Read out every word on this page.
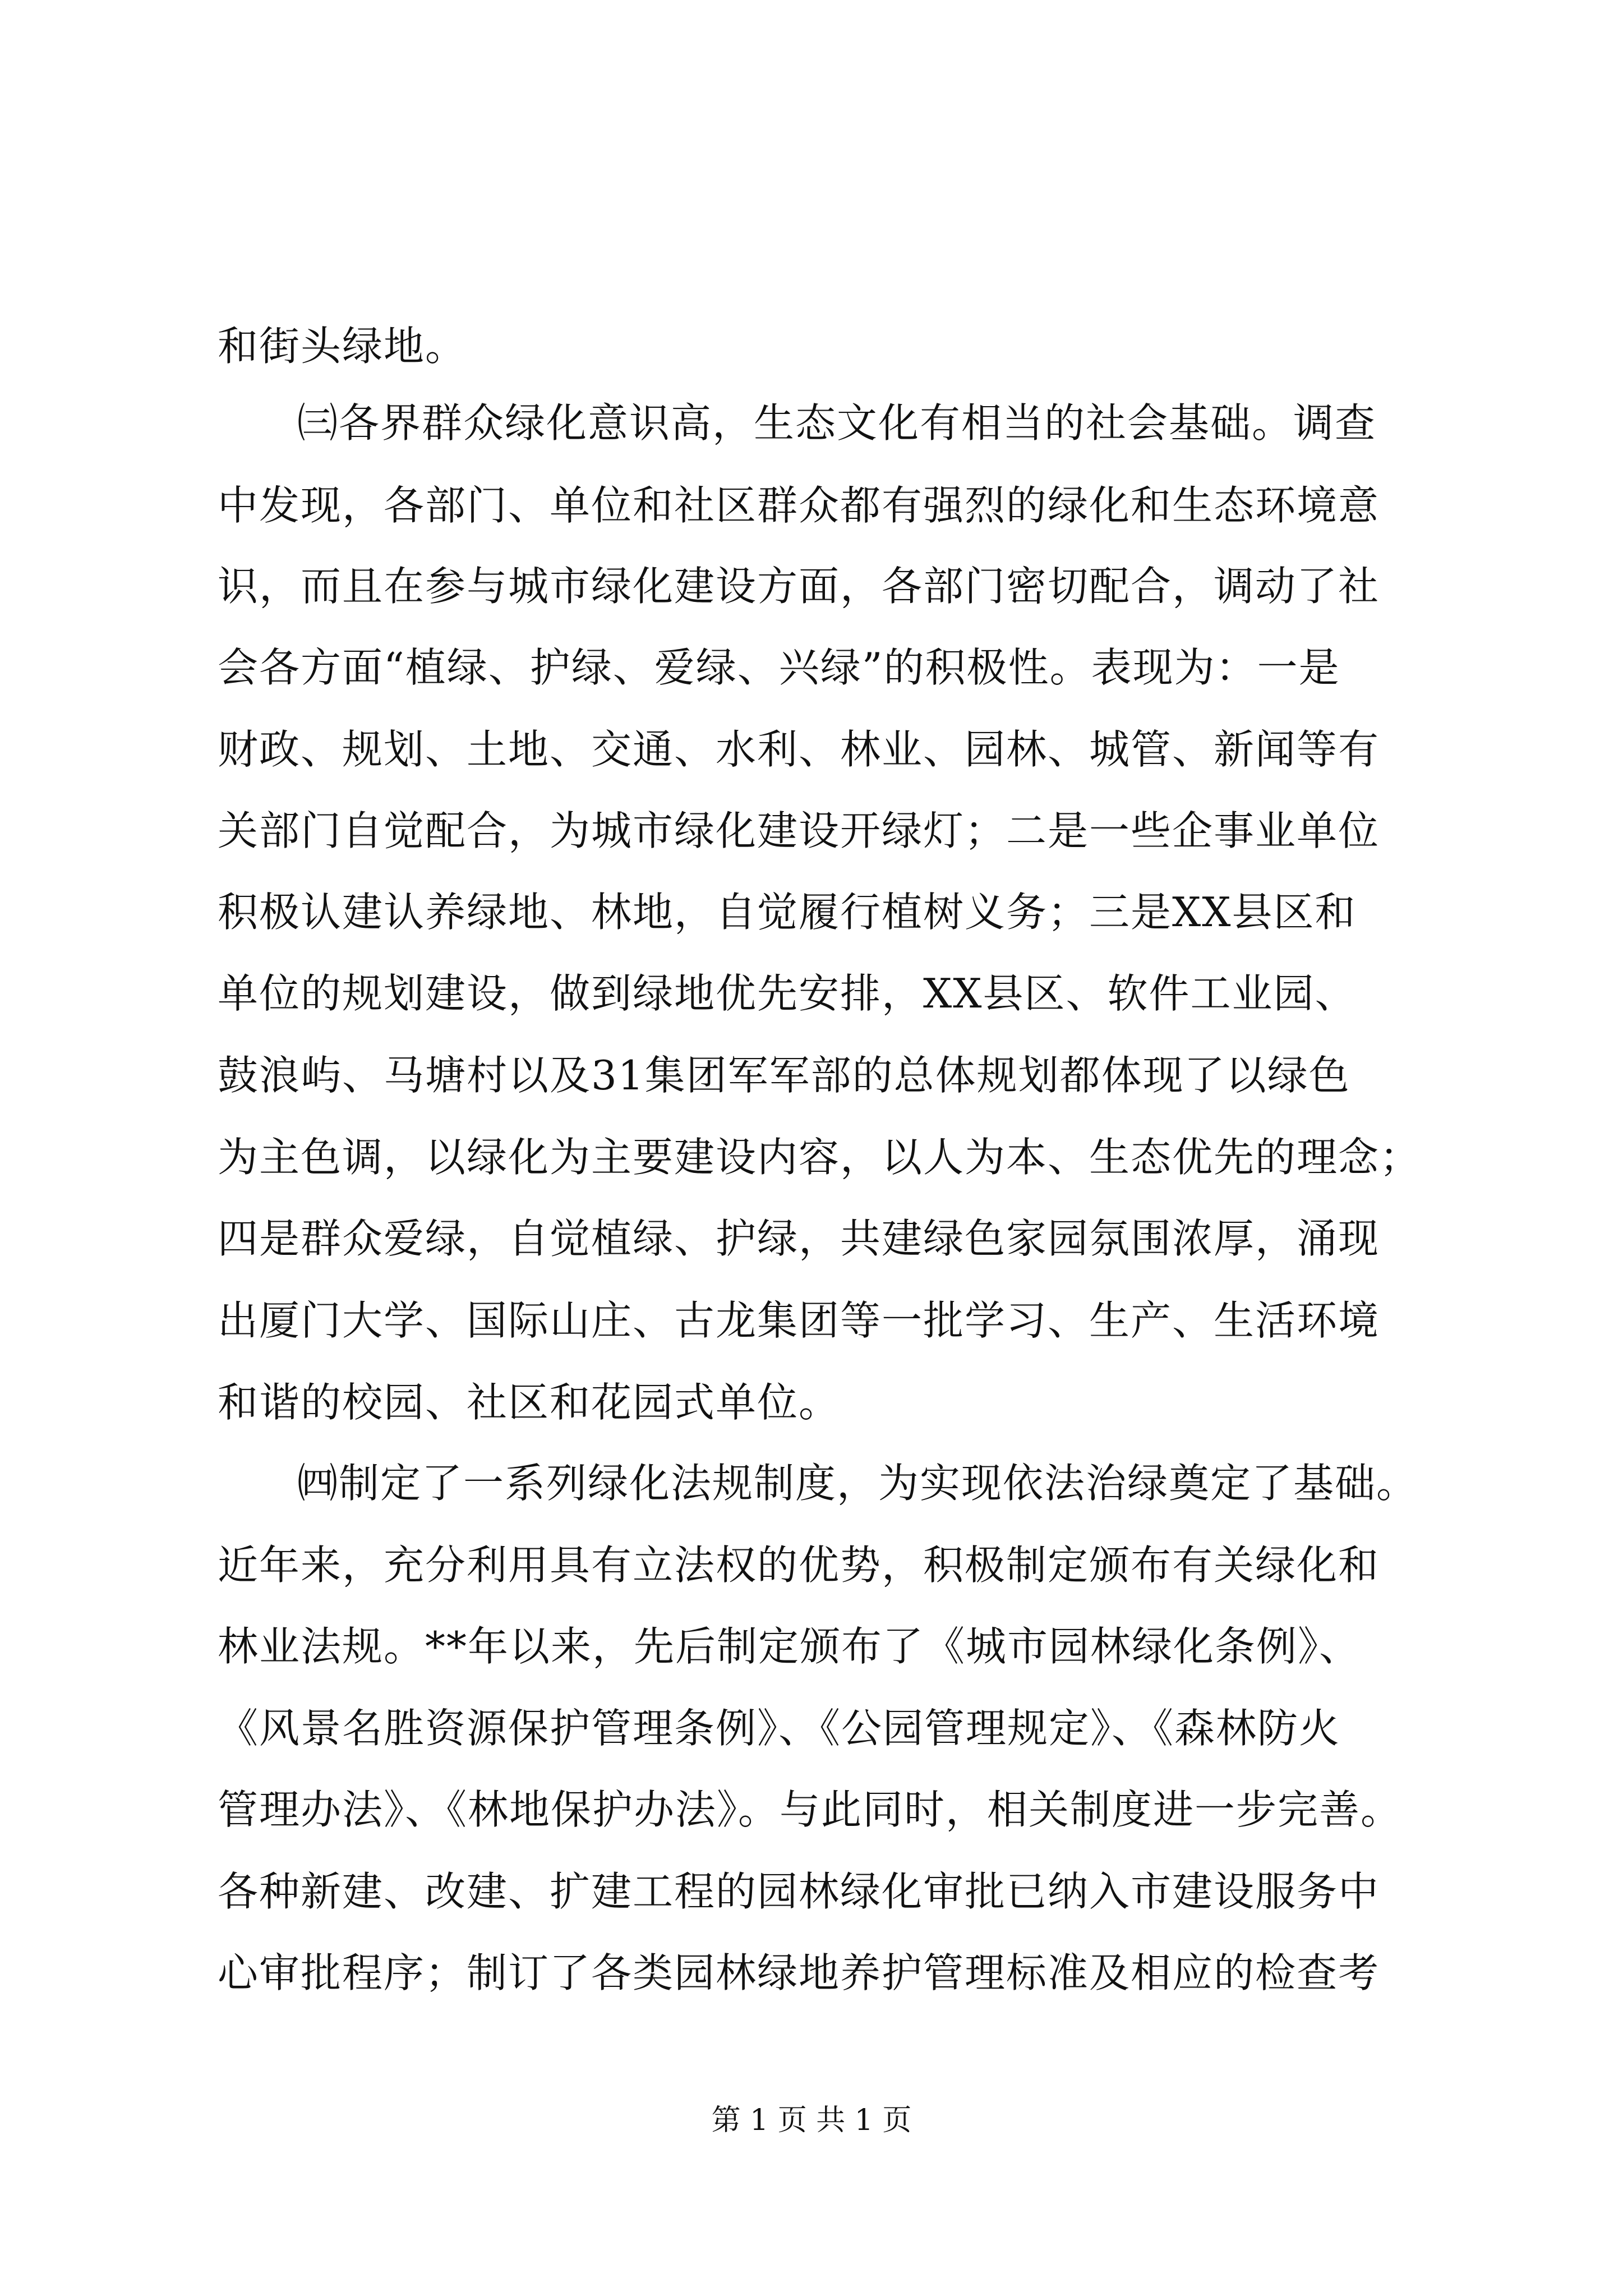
和街头绿地。
㈢各界群众绿化意识高，生态文化有相当的社会基础。调查
中发现，各部门、单位和社区群众都有强烈的绿化和生态环境意
识，而且在参与城市绿化建设方面，各部门密切配合，调动了社
会各方面“植绿、护绿、爱绿、兴绿”的积极性。表现为：一是
财政、规划、土地、交通、水利、林业、园林、城管、新闻等有
关部门自觉配合，为城市绿化建设开绿灯；二是一些企事业单位
积极认建认养绿地、林地，自觉履行植树义务；三是XX县区和
单位的规划建设，做到绿地优先安排，XX县区、软件工业园、
鼓浪屿、马塘村以及31集团军军部的总体规划都体现了以绿色
为主色调，以绿化为主要建设内容，以人为本、生态优先的理念；
四是群众爱绿，自觉植绿、护绿，共建绿色家园氛围浓厚，涌现
出厦门大学、国际山庄、古龙集团等一批学习、生产、生活环境
和谐的校园、社区和花园式单位。
㈣制定了一系列绿化法规制度，为实现依法治绿奠定了基础。
近年来，充分利用具有立法权的优势，积极制定颁布有关绿化和
林业法规。**年以来，先后制定颁布了《城市园林绿化条例》、
《风景名胜资源保护管理条例》、《公园管理规定》、《森林防火
管理办法》、《林地保护办法》。与此同时，相关制度进一步完善。
各种新建、改建、扩建工程的园林绿化审批已纳入市建设服务中
心审批程序；制订了各类园林绿地养护管理标准及相应的检查考
第 1 页 共 1 页
